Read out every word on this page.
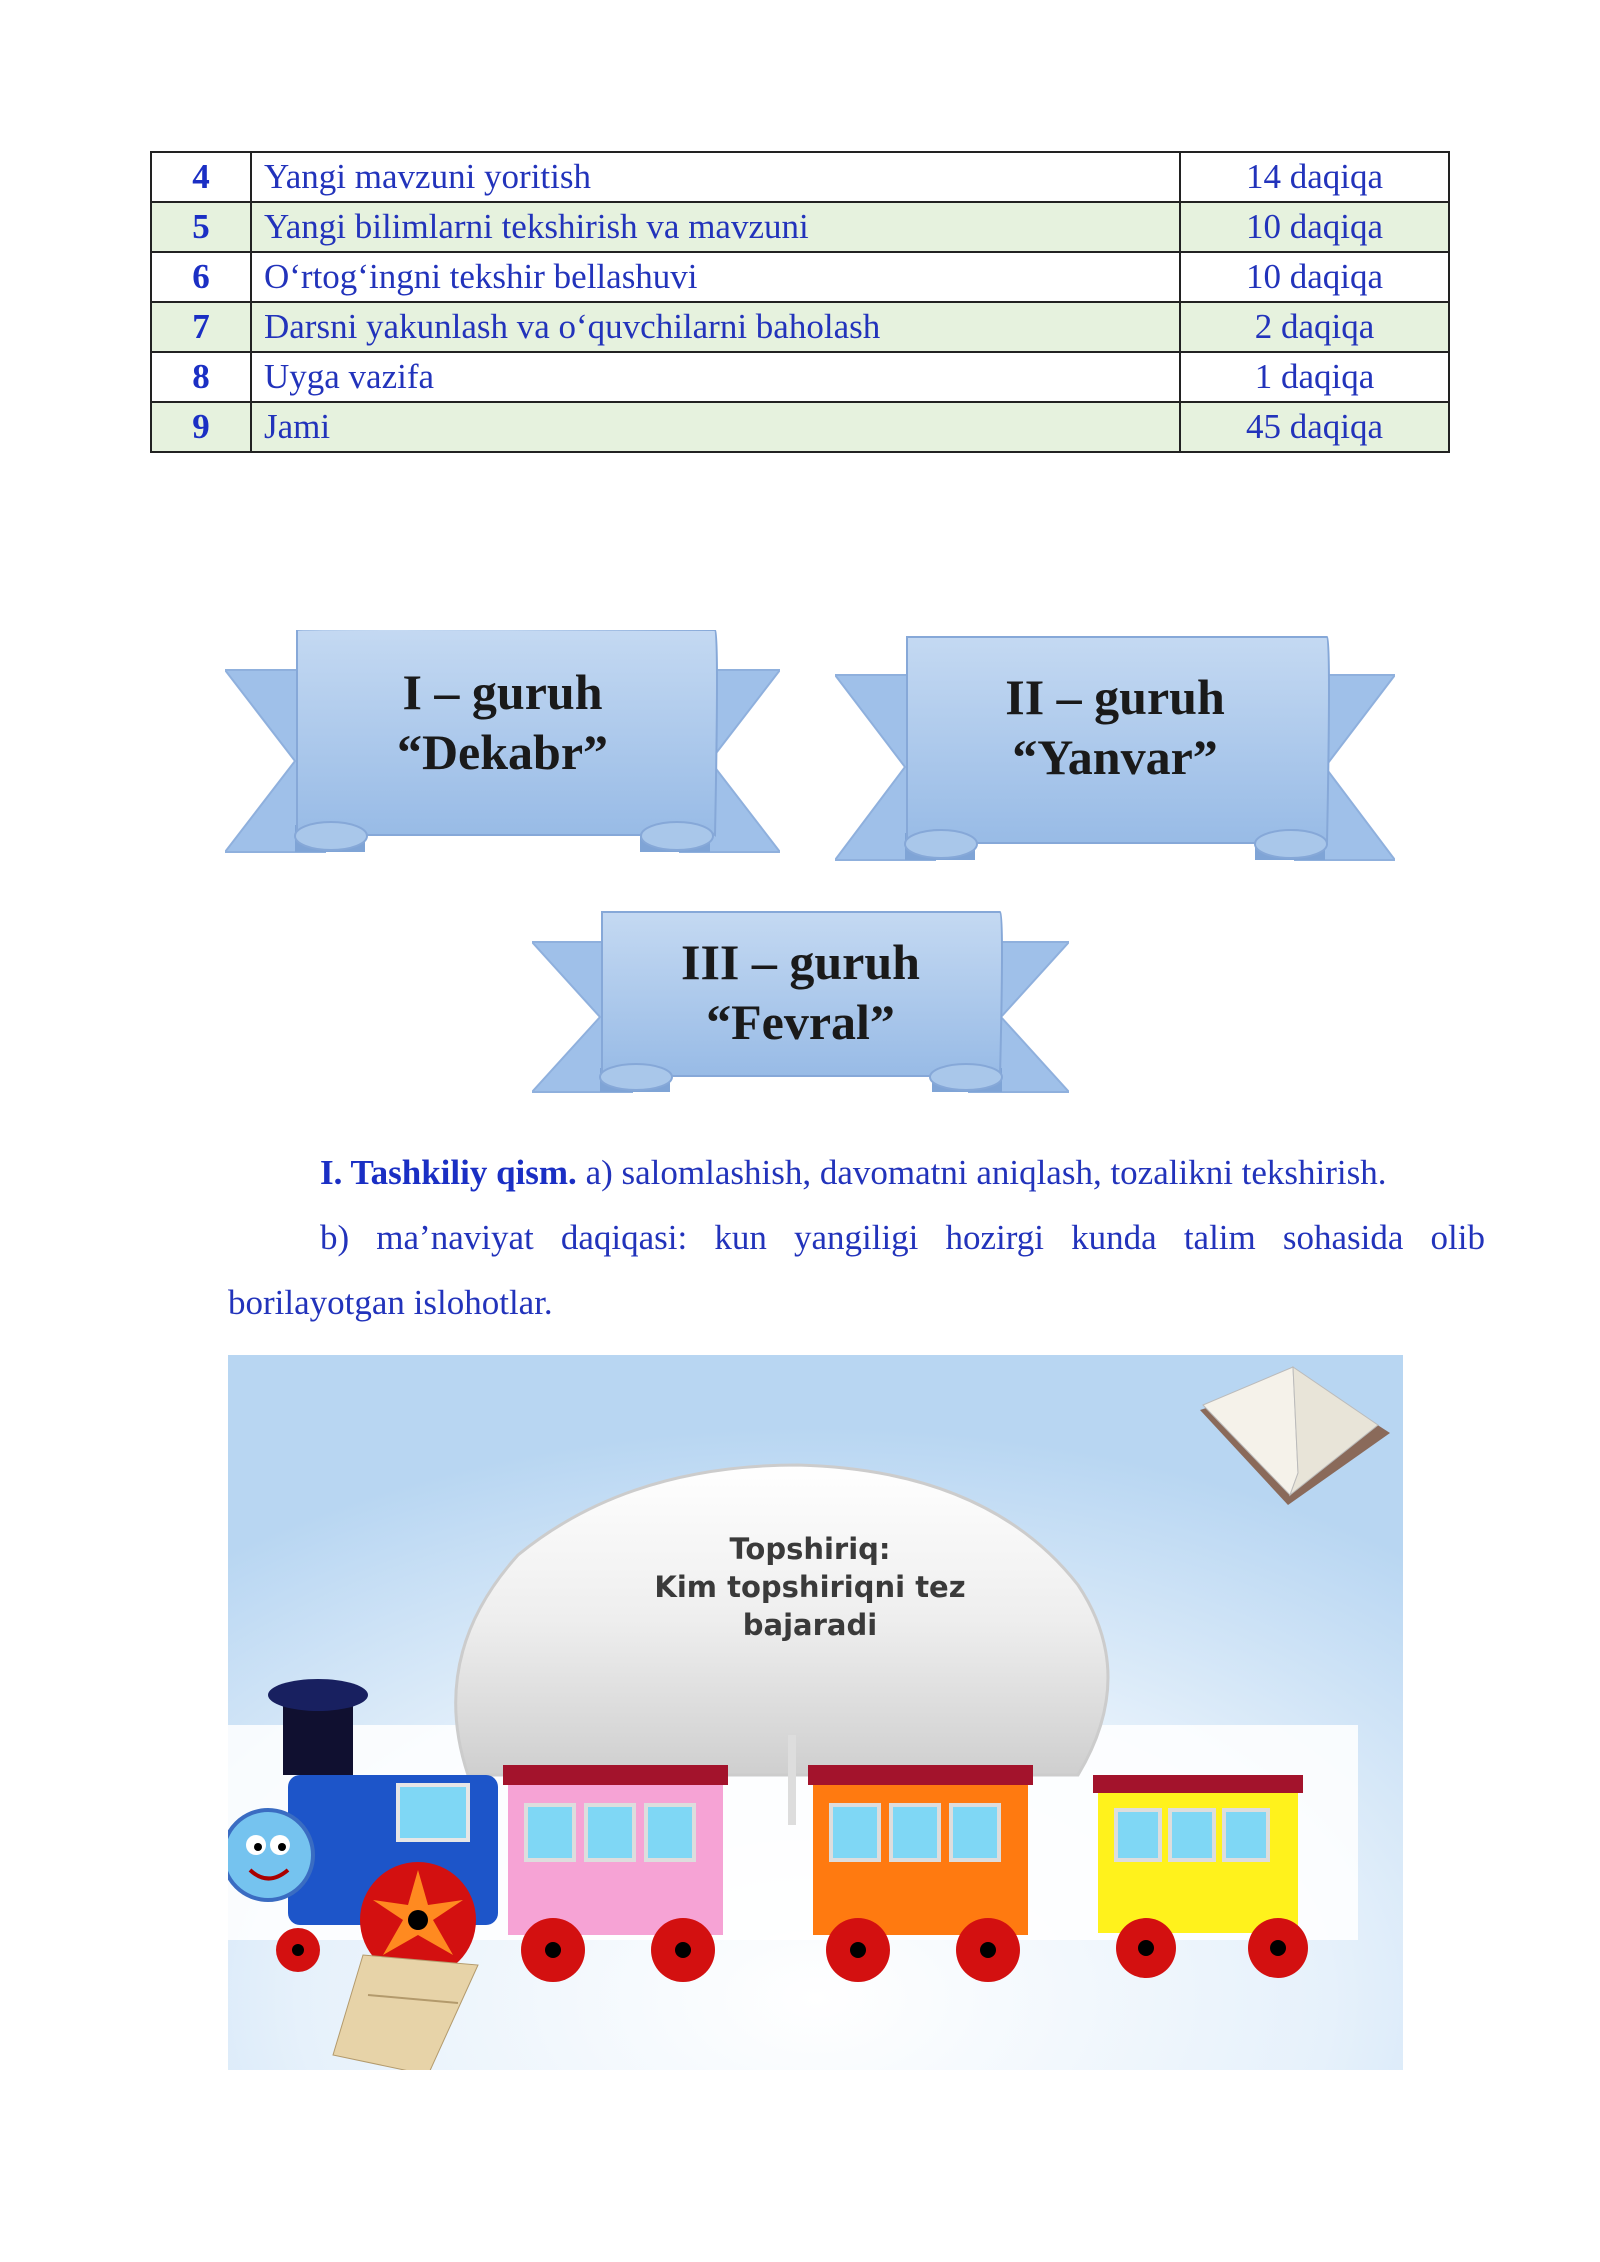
4	Yangi mavzuni yoritish	14 daqiqa
5	Yangi bilimlarni tekshirish va mavzuni	10 daqiqa
6	O‘rtog‘ingni tekshir bellashuvi	10 daqiqa
7	Darsni yakunlash va o‘quvchilarni baholash	2 daqiqa
8	Uyga vazifa	1 daqiqa
9	Jami	45 daqiqa
I – guruh
“Dekabr”
II – guruh
“Yanvar”
III – guruh
“Fevral”
I. Tashkiliy qism. a) salomlashish, davomatni aniqlash, tozalikni tekshirish.
b) ma’naviyat daqiqasi: kun yangiligi hozirgi kunda talim sohasida olib
borilayotgan islohotlar.
Topshiriq:
Kim topshiriqni tez
bajaradi
